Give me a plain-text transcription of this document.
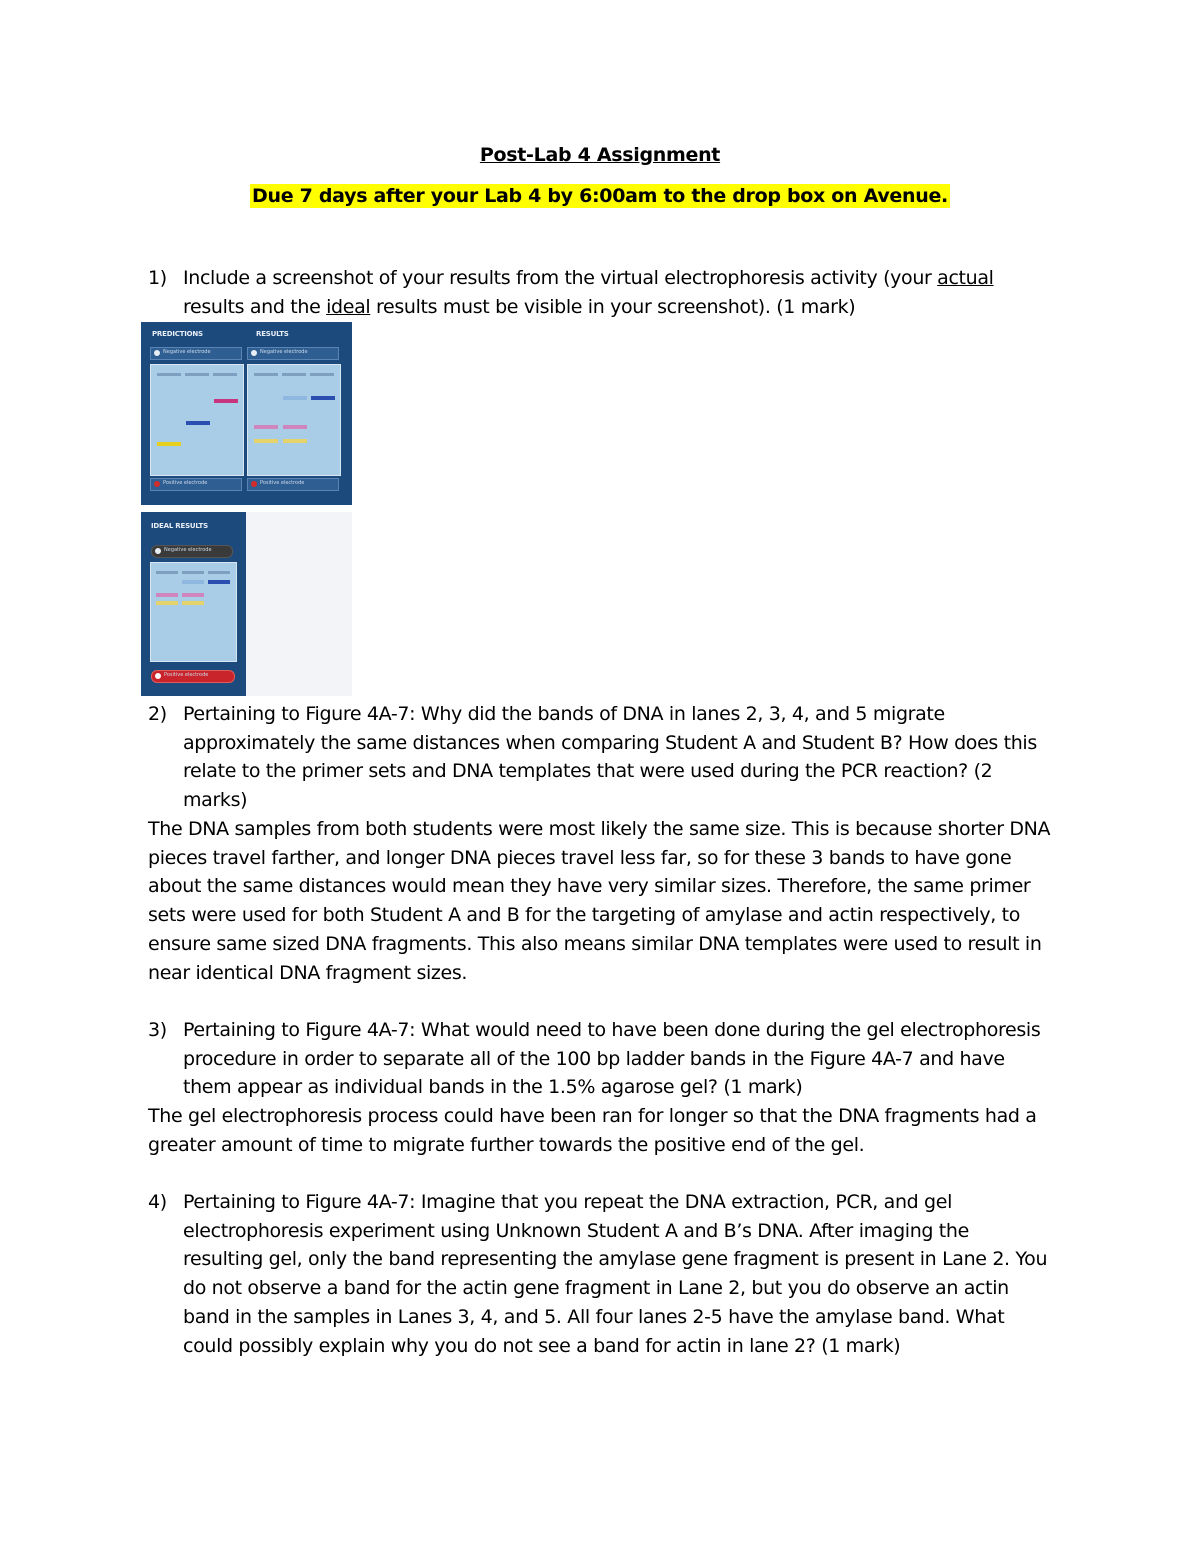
Post-Lab 4 Assignment
Due 7 days after your Lab 4 by 6:00am to the drop box on Avenue.
1) Include a screenshot of your results from the virtual electrophoresis activity (your actual
results and the ideal results must be visible in your screenshot). (1 mark)
PREDICTIONS	RESULTS
Negative electrode	Negative electrode
Positive electrode	Positive electrode
IDEAL RESULTS
Negative electrode
Positive electrode
2) Pertaining to Figure 4A-7: Why did the bands of DNA in lanes 2, 3, 4, and 5 migrate approximately the same distances when comparing Student A and Student B? How does this relate to the primer sets and DNA templates that were used during the PCR reaction? (2 marks)
The DNA samples from both students were most likely the same size. This is because shorter DNA pieces travel farther, and longer DNA pieces travel less far, so for these 3 bands to have gone about the same distances would mean they have very similar sizes. Therefore, the same primer sets were used for both Student A and B for the targeting of amylase and actin respectively, to ensure same sized DNA fragments. This also means similar DNA templates were used to result in near identical DNA fragment sizes.
3) Pertaining to Figure 4A-7: What would need to have been done during the gel electrophoresis procedure in order to separate all of the 100 bp ladder bands in the Figure 4A-7 and have them appear as individual bands in the 1.5% agarose gel? (1 mark)
The gel electrophoresis process could have been ran for longer so that the DNA fragments had a greater amount of time to migrate further towards the positive end of the gel.
4) Pertaining to Figure 4A-7: Imagine that you repeat the DNA extraction, PCR, and gel electrophoresis experiment using Unknown Student A and B’s DNA. After imaging the resulting gel, only the band representing the amylase gene fragment is present in Lane 2. You do not observe a band for the actin gene fragment in Lane 2, but you do observe an actin band in the samples in Lanes 3, 4, and 5. All four lanes 2-5 have the amylase band. What could possibly explain why you do not see a band for actin in lane 2? (1 mark)
